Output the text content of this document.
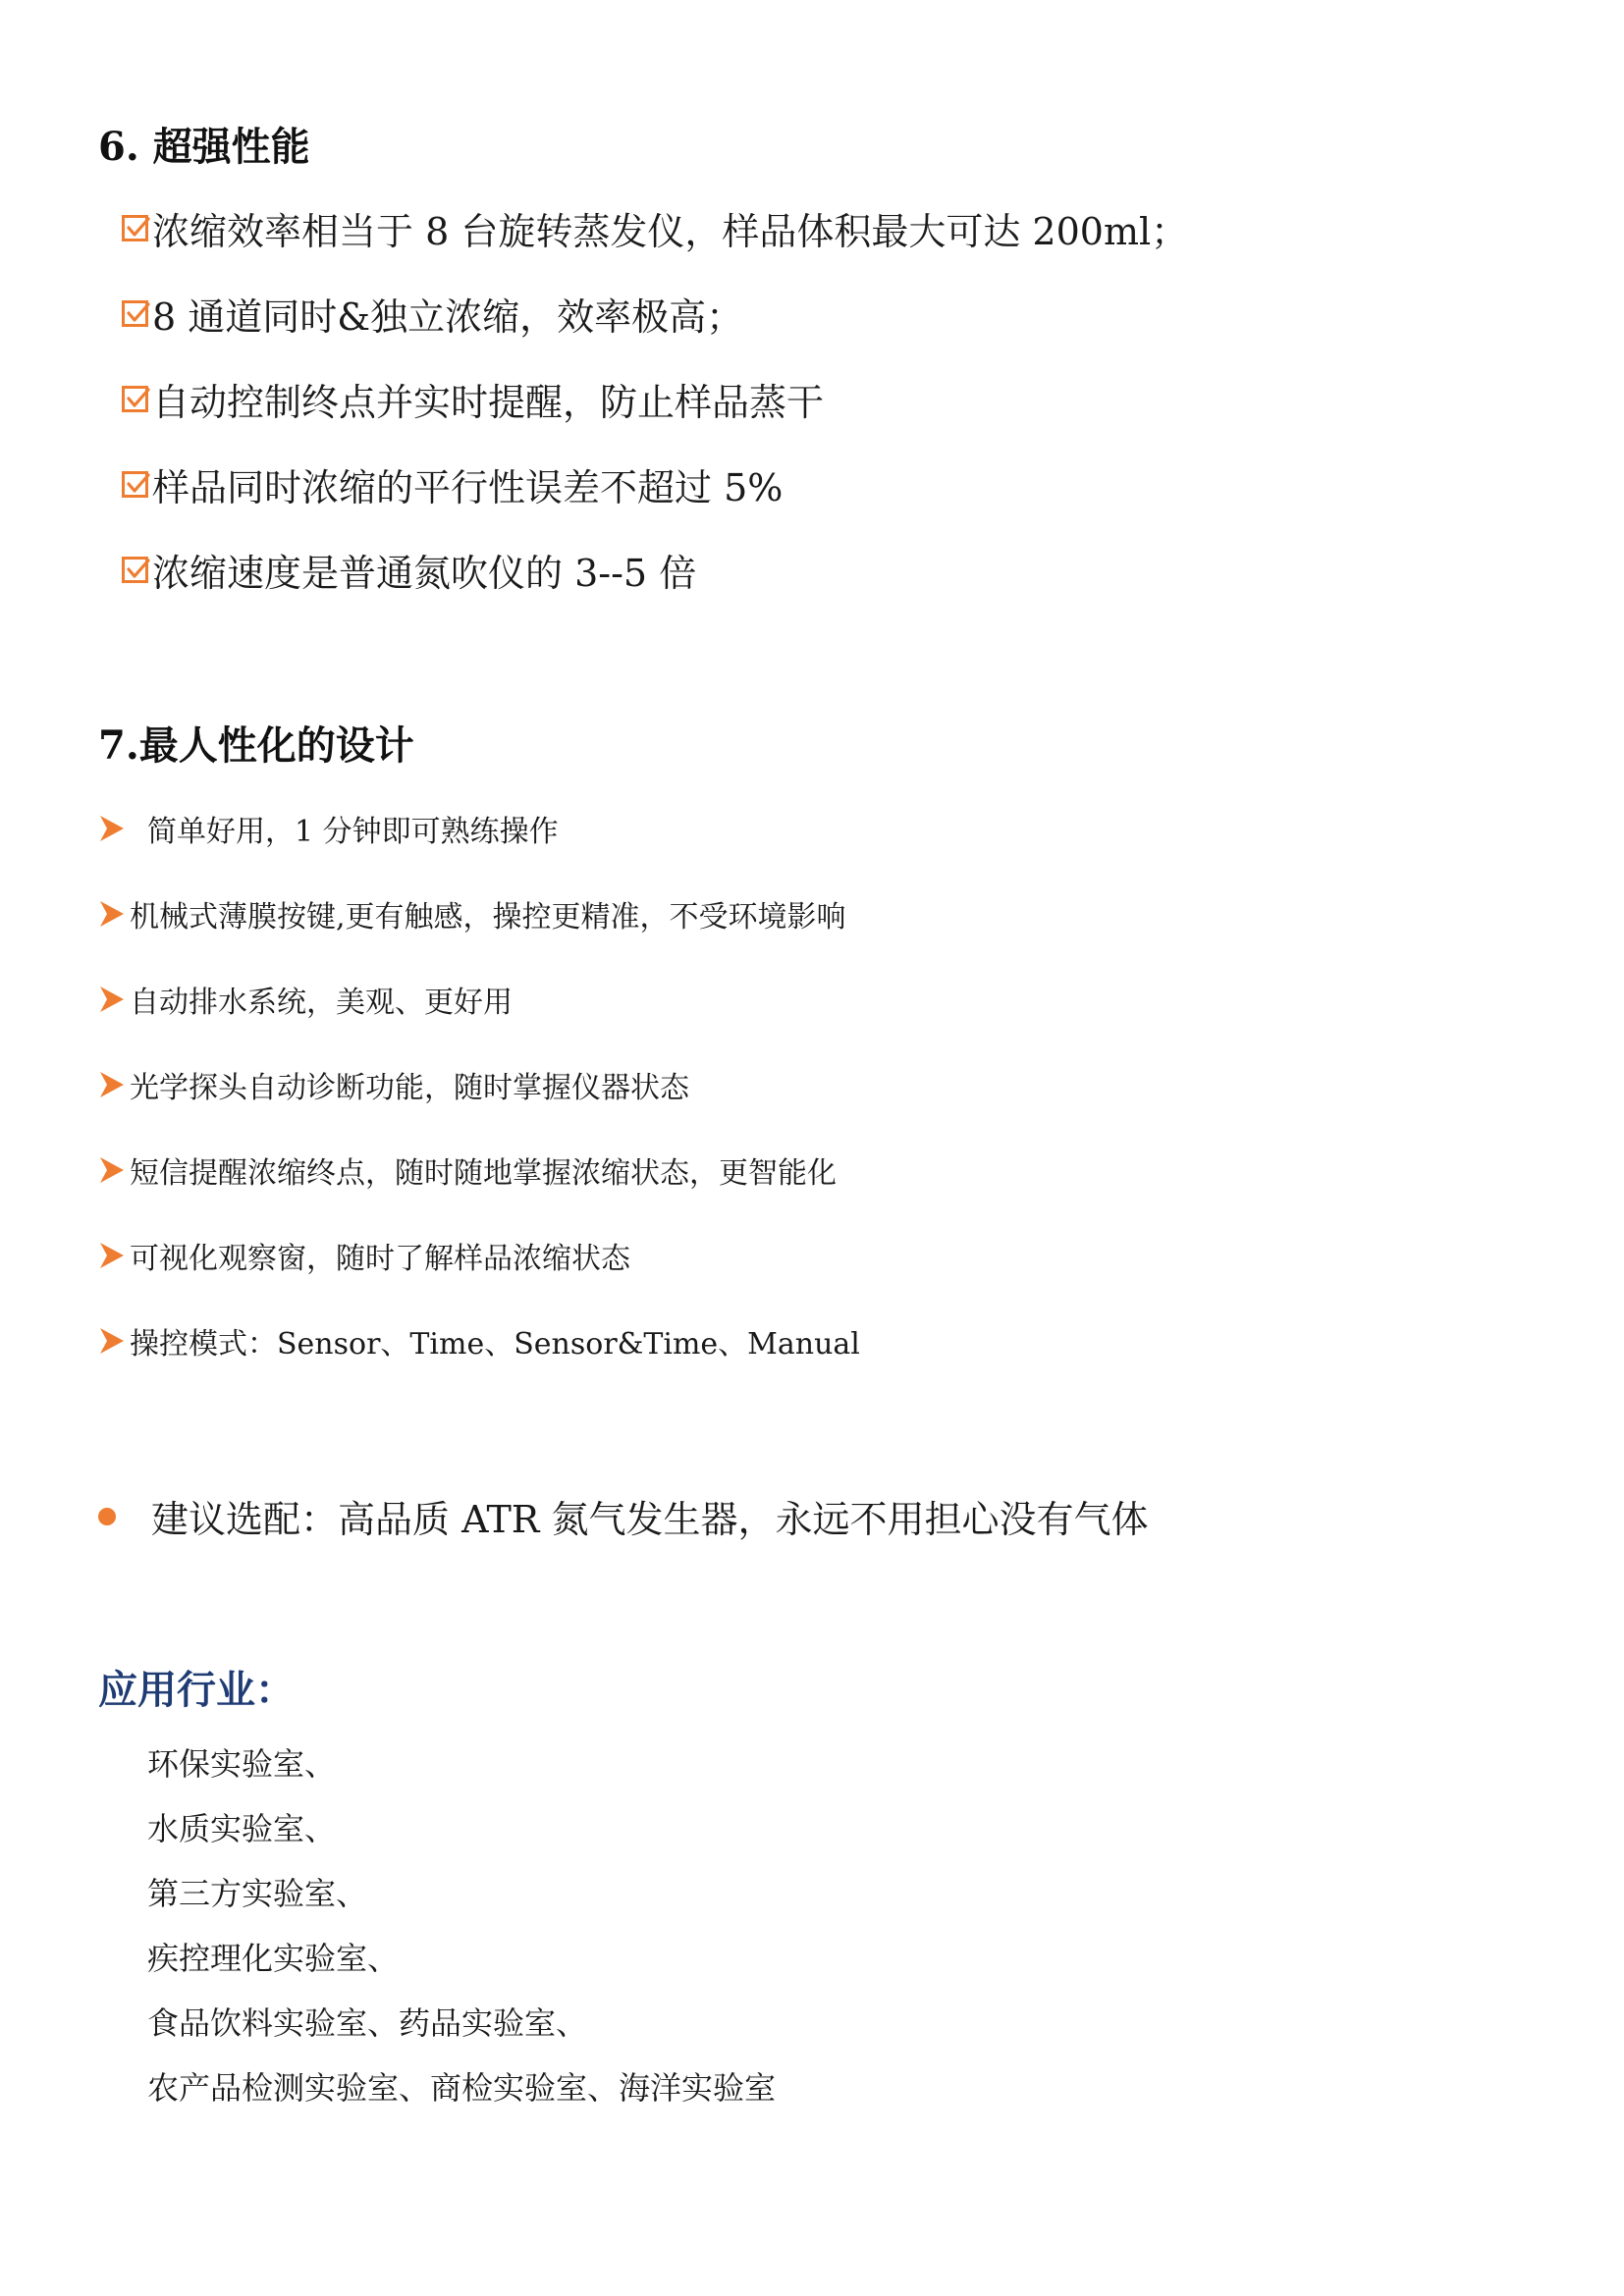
6. 超强性能
浓缩效率相当于 8 台旋转蒸发仪，样品体积最大可达 200ml；
8 通道同时&独立浓缩，效率极高；
自动控制终点并实时提醒，防止样品蒸干
样品同时浓缩的平行性误差不超过 5%
浓缩速度是普通氮吹仪的 3--5 倍
7.最人性化的设计
简单好用，1 分钟即可熟练操作
机械式薄膜按键,更有触感，操控更精准，不受环境影响
自动排水系统，美观、更好用
光学探头自动诊断功能，随时掌握仪器状态
短信提醒浓缩终点，随时随地掌握浓缩状态，更智能化
可视化观察窗，随时了解样品浓缩状态
操控模式：Sensor、Time、Sensor&Time、Manual
建议选配：高品质 ATR 氮气发生器，永远不用担心没有气体
应用行业：
环保实验室、
水质实验室、
第三方实验室、
疾控理化实验室、
食品饮料实验室、药品实验室、
农产品检测实验室、商检实验室、海洋实验室
